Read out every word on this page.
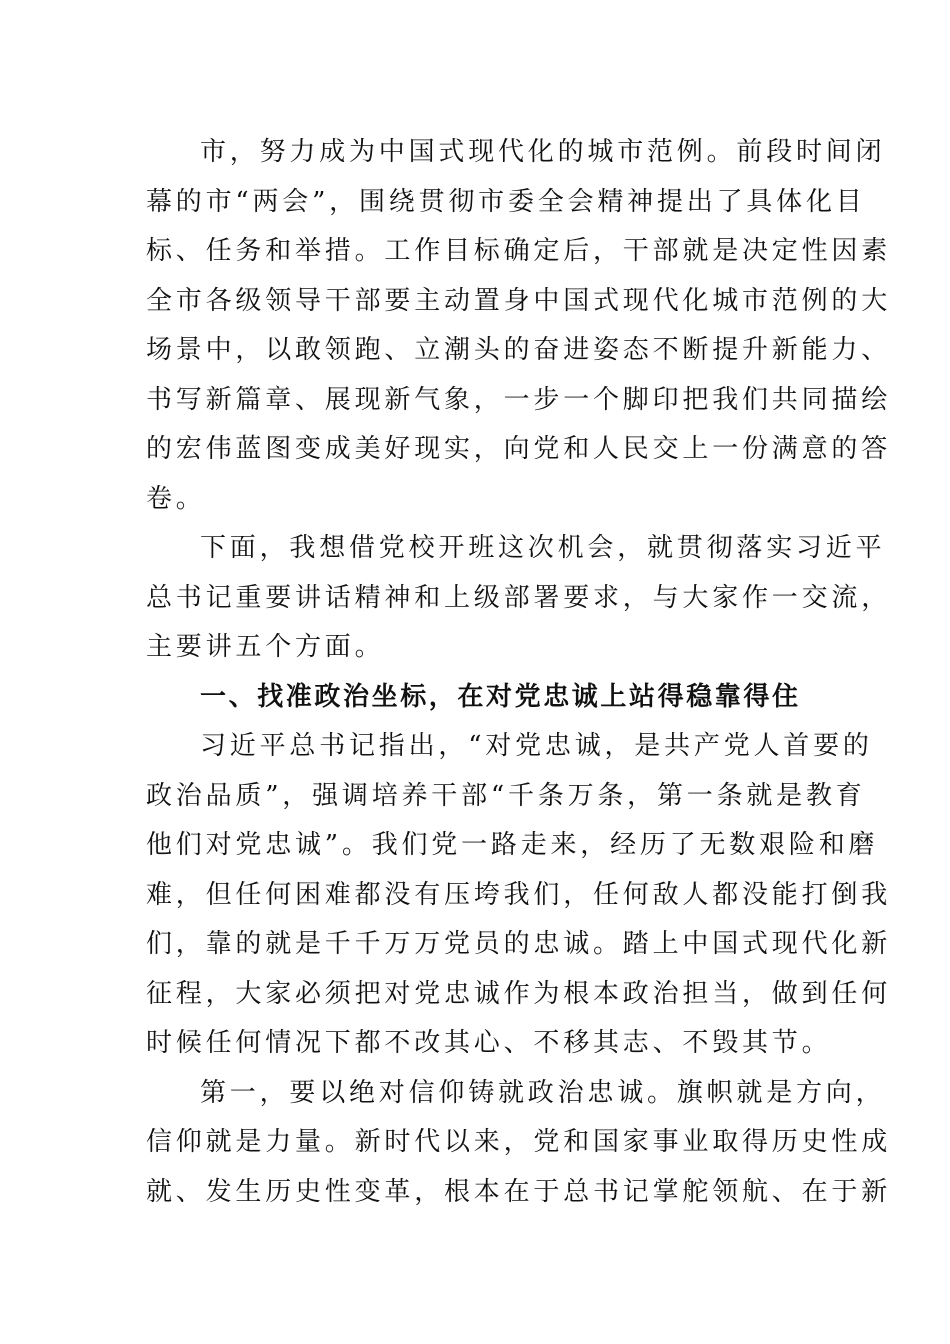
市，努力成为中国式现代化的城市范例。前段时间闭
幕的市“两会”，围绕贯彻市委全会精神提出了具体化目
标、任务和举措。工作目标确定后，干部就是决定性因素
全市各级领导干部要主动置身中国式现代化城市范例的大
场景中，以敢领跑、立潮头的奋进姿态不断提升新能力、
书写新篇章、展现新气象，一步一个脚印把我们共同描绘
的宏伟蓝图变成美好现实，向党和人民交上一份满意的答
卷。
下面，我想借党校开班这次机会，就贯彻落实习近平
总书记重要讲话精神和上级部署要求，与大家作一交流，
主要讲五个方面。
一、找准政治坐标，在对党忠诚上站得稳靠得住
习近平总书记指出，“对党忠诚，是共产党人首要的
政治品质”，强调培养干部“千条万条，第一条就是教育
他们对党忠诚”。我们党一路走来，经历了无数艰险和磨
难，但任何困难都没有压垮我们，任何敌人都没能打倒我
们，靠的就是千千万万党员的忠诚。踏上中国式现代化新
征程，大家必须把对党忠诚作为根本政治担当，做到任何
时候任何情况下都不改其心、不移其志、不毁其节。
第一，要以绝对信仰铸就政治忠诚。旗帜就是方向，
信仰就是力量。新时代以来，党和国家事业取得历史性成
就、发生历史性变革，根本在于总书记掌舵领航、在于新
